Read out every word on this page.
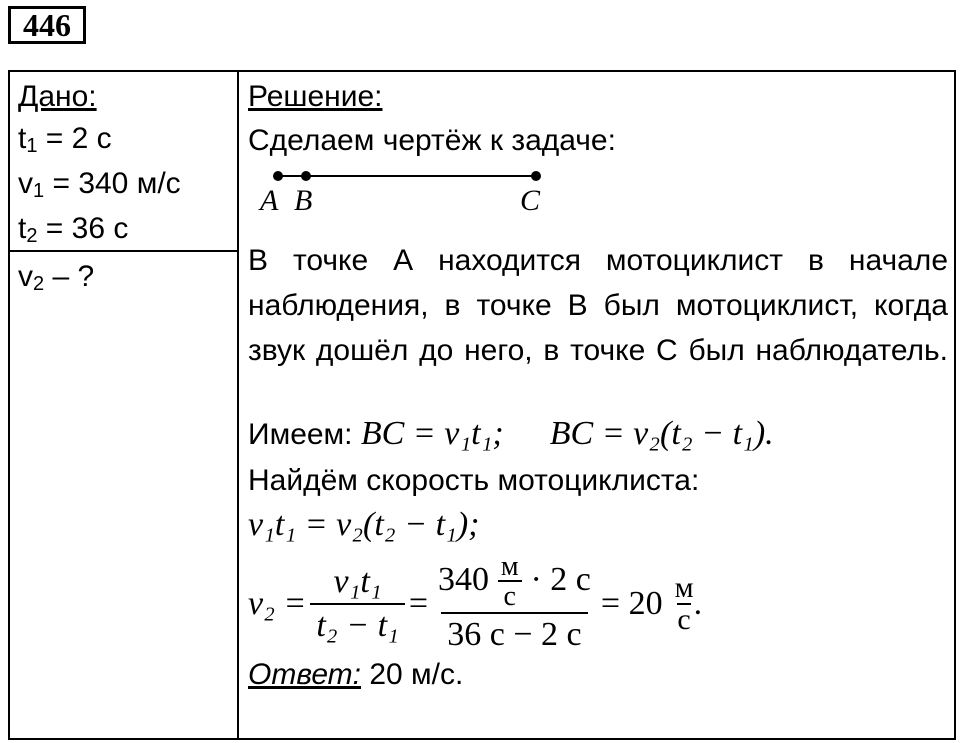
446
Дано:
t1 = 2 с
v1 = 340 м/с
t2 = 36 с
v2 – ?
Решение:
Сделаем чертёж к задаче:
A B	C
В точке А находится мотоциклист в начале наблюдения, в точке В был мотоциклист, когда звук дошёл до него, в точке С был наблюдатель.
Имеем: BC = v₁t₁; BC = v₂(t₂ − t₁).
Найдём скорость мотоциклиста:
v₁t₁ = v₂(t₂ − t₁);
$v_2 = \frac{\text{v₁t₁}}{\text{t₂ − t₁}} = \frac{340 \frac{м}{с} \cdot 2 с}{36 с - 2 с} = 20 \frac{м}{с}$ .
Ответ: 20 м/с.
